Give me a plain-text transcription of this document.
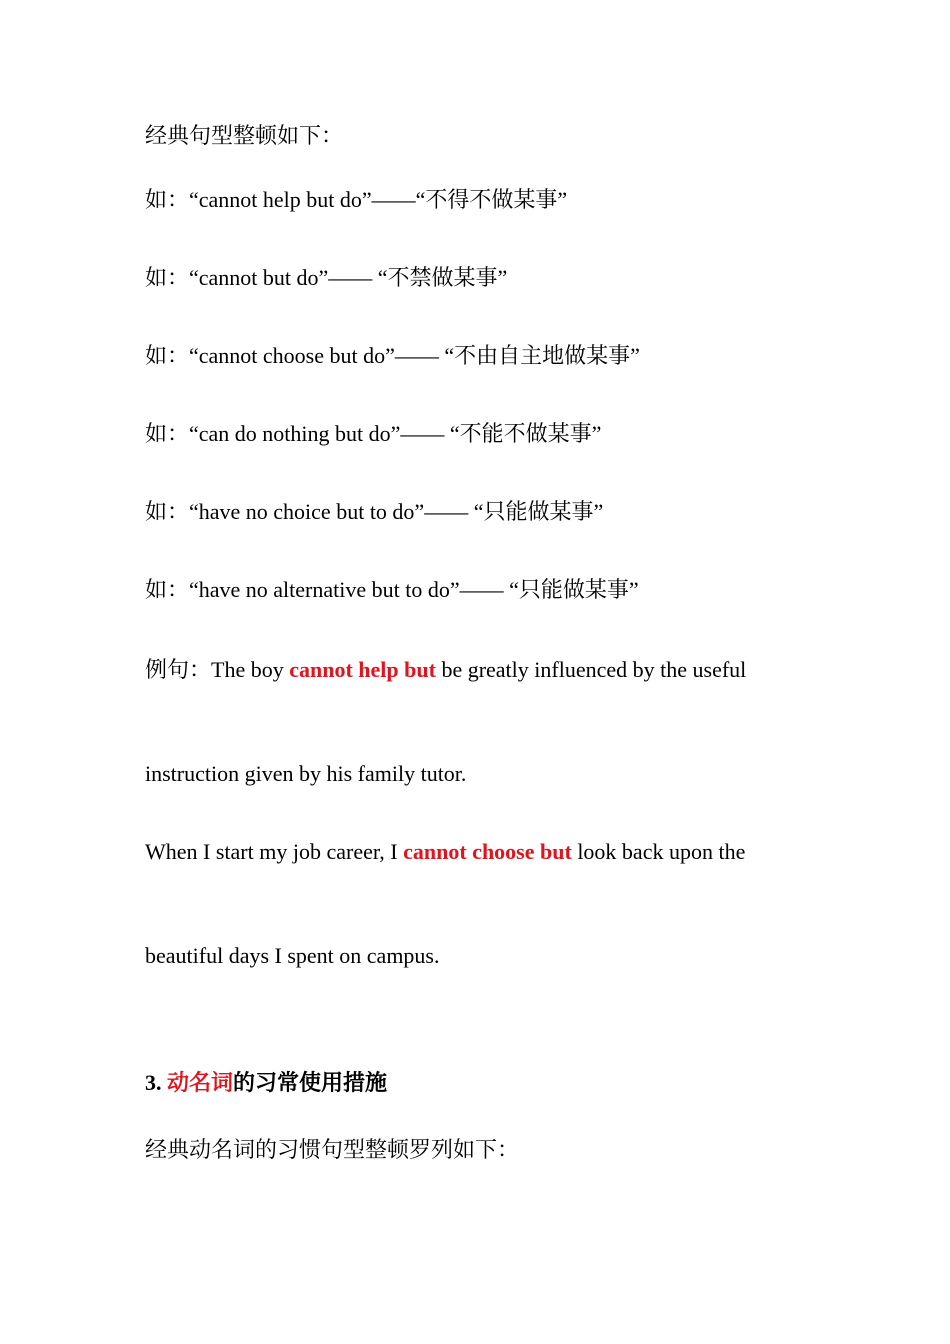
经典句型整顿如下：
如：“cannot help but do”——“不得不做某事”
如：“cannot but do”—— “不禁做某事”
如：“cannot choose but do”—— “不由自主地做某事”
如：“can do nothing but do”—— “不能不做某事”
如：“have no choice but to do”—— “只能做某事”
如：“have no alternative but to do”—— “只能做某事”
例句：The boy cannot help but be greatly influenced by the useful
instruction given by his family tutor.
When I start my job career, I cannot choose but look back upon the
beautiful days I spent on campus.
3. 动名词的习常使用措施
经典动名词的习惯句型整顿罗列如下：
